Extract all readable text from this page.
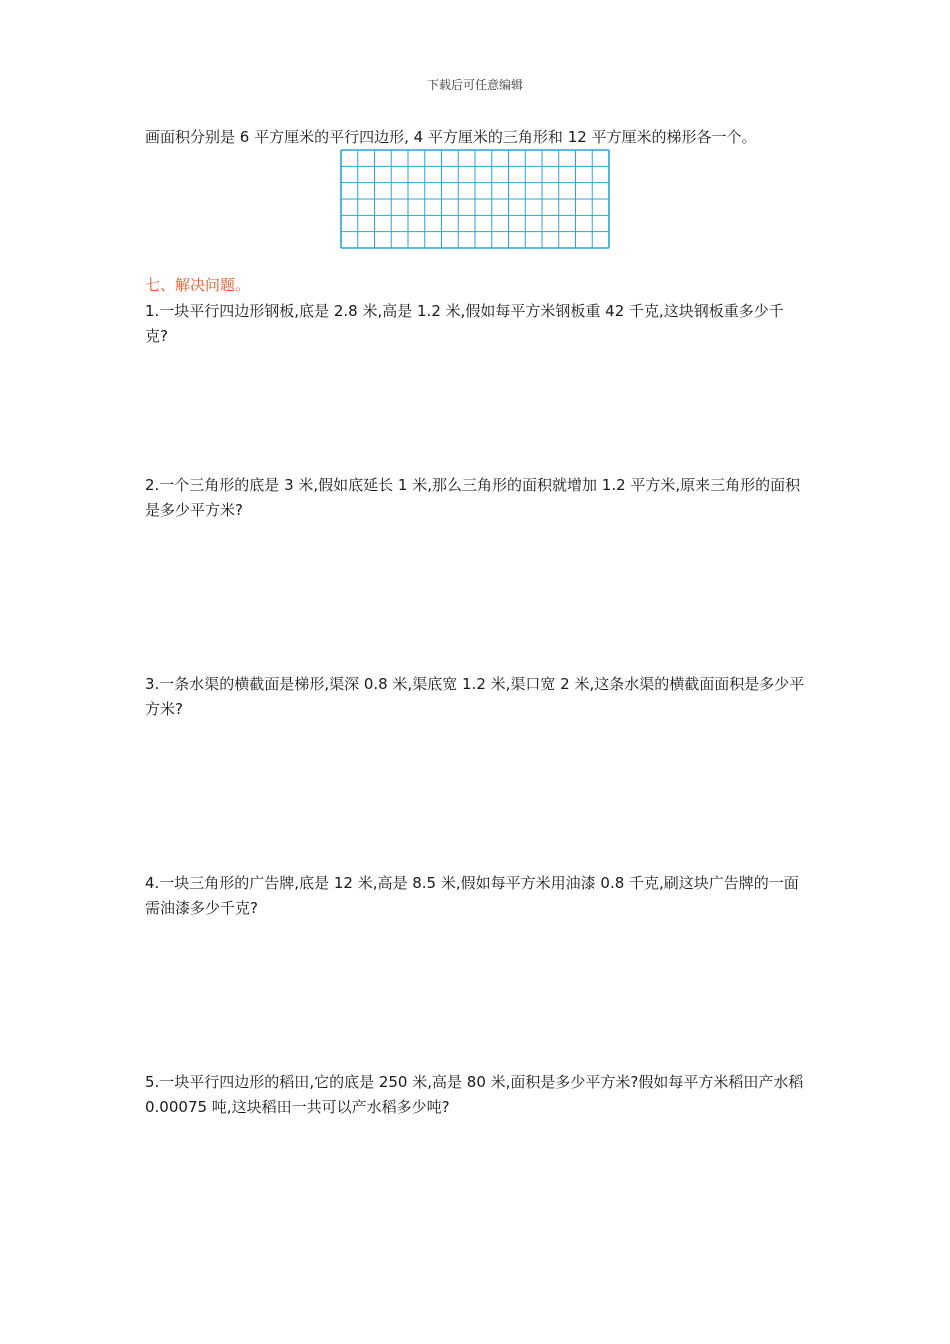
下载后可任意编辑
画面积分别是 6 平方厘米的平行四边形, 4 平方厘米的三角形和 12 平方厘米的梯形各一个。
七、解决问题。
1.一块平行四边形钢板,底是 2.8 米,高是 1.2 米,假如每平方米钢板重 42 千克,这块钢板重多少千克?
2.一个三角形的底是 3 米,假如底延长 1 米,那么三角形的面积就增加 1.2 平方米,原来三角形的面积是多少平方米?
3.一条水渠的横截面是梯形,渠深 0.8 米,渠底宽 1.2 米,渠口宽 2 米,这条水渠的横截面面积是多少平方米?
4.一块三角形的广告牌,底是 12 米,高是 8.5 米,假如每平方米用油漆 0.8 千克,刷这块广告牌的一面需油漆多少千克?
5.一块平行四边形的稻田,它的底是 250 米,高是 80 米,面积是多少平方米?假如每平方米稻田产水稻 0.00075 吨,这块稻田一共可以产水稻多少吨?
